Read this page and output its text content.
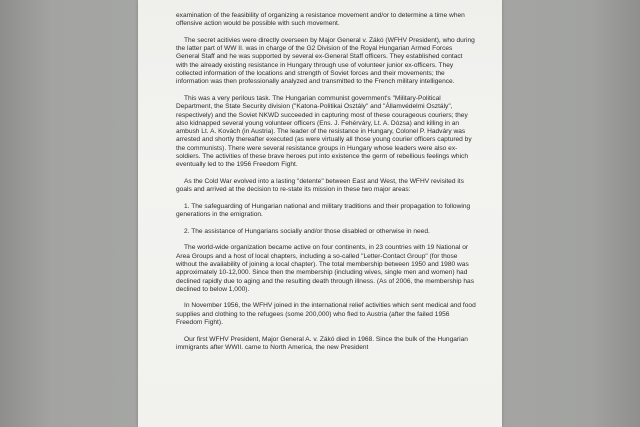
examination of the feasibility of organizing a resistance movement and/or to determine a time when offensive action would be possible with such movement.

The secret acitivies were directly overseen by Major General v. Zákó (WFHV President), who during the latter part of WW II. was in charge of the G2 Division of the Royal Hungarian Armed Forces General Staff and he was supported by several ex-General Staff officers. They established contact with the already existing resistance in Hungary through use of volunteer junior ex-officers. They collected information of the locations and strength of Soviet forces and their movements; the information was then professionally analyzed and transmitted to the French military intelligence.

This was a very perilous task. The Hungarian communist government's "Military-Political Department, the State Security division ("Katona-Politikai Osztály" and "Államvédelmi Osztály", respectively) and the Soviet NKWD succeeded in capturing most of these courageous couriers; they also kidnapped several young volunteer officers (Ens. J. Fehérváry, Lt. A. Dózsa) and killing in an ambush Lt. A. Kovách (in Austria). The leader of the resistance in Hungary, Colonel P. Hadváry was arrested and shortly thereafter executed (as were virtually all those young courier officers captured by the communists). There were several resistance groups in Hungary whose leaders were also ex-soldiers. The activities of these brave heroes put into existence the germ of rebellious feelings which eventually led to the 1956 Freedom Fight.

As the Cold War evolved into a lasting "detente" between East and West, the WFHV revisited its goals and arrived at the decision to re-state its mission in these two major areas:

1. The safeguarding of Hungarian national and military traditions and their propagation to following generations in the emigration.

2. The assistance of Hungarians socially and/or those disabled or otherwise in need.

The world-wide organization became active on four continents, in 23 countries with 19 National or Area Groups and a host of local chapters, including a so-called "Letter-Contact Group" (for those without the availability of joining a local chapter). The total membership between 1950 and 1980 was approximately 10-12,000. Since then the membership (including wives, single men and women) had declined rapidly due to aging and the resulting death through illness. (As of 2006, the membership has declined to below 1,000).

In November 1956, the WFHV joined in the international relief activities which sent medical and food supplies and clothing to the refugees (some 200,000) who fled to Austria (after the failed 1956 Freedom Fight).

Our first WFHV President, Major General A. v. Zákó died in 1968. Since the bulk of the Hungarian immigrants after WWII. came to North America, the new President
